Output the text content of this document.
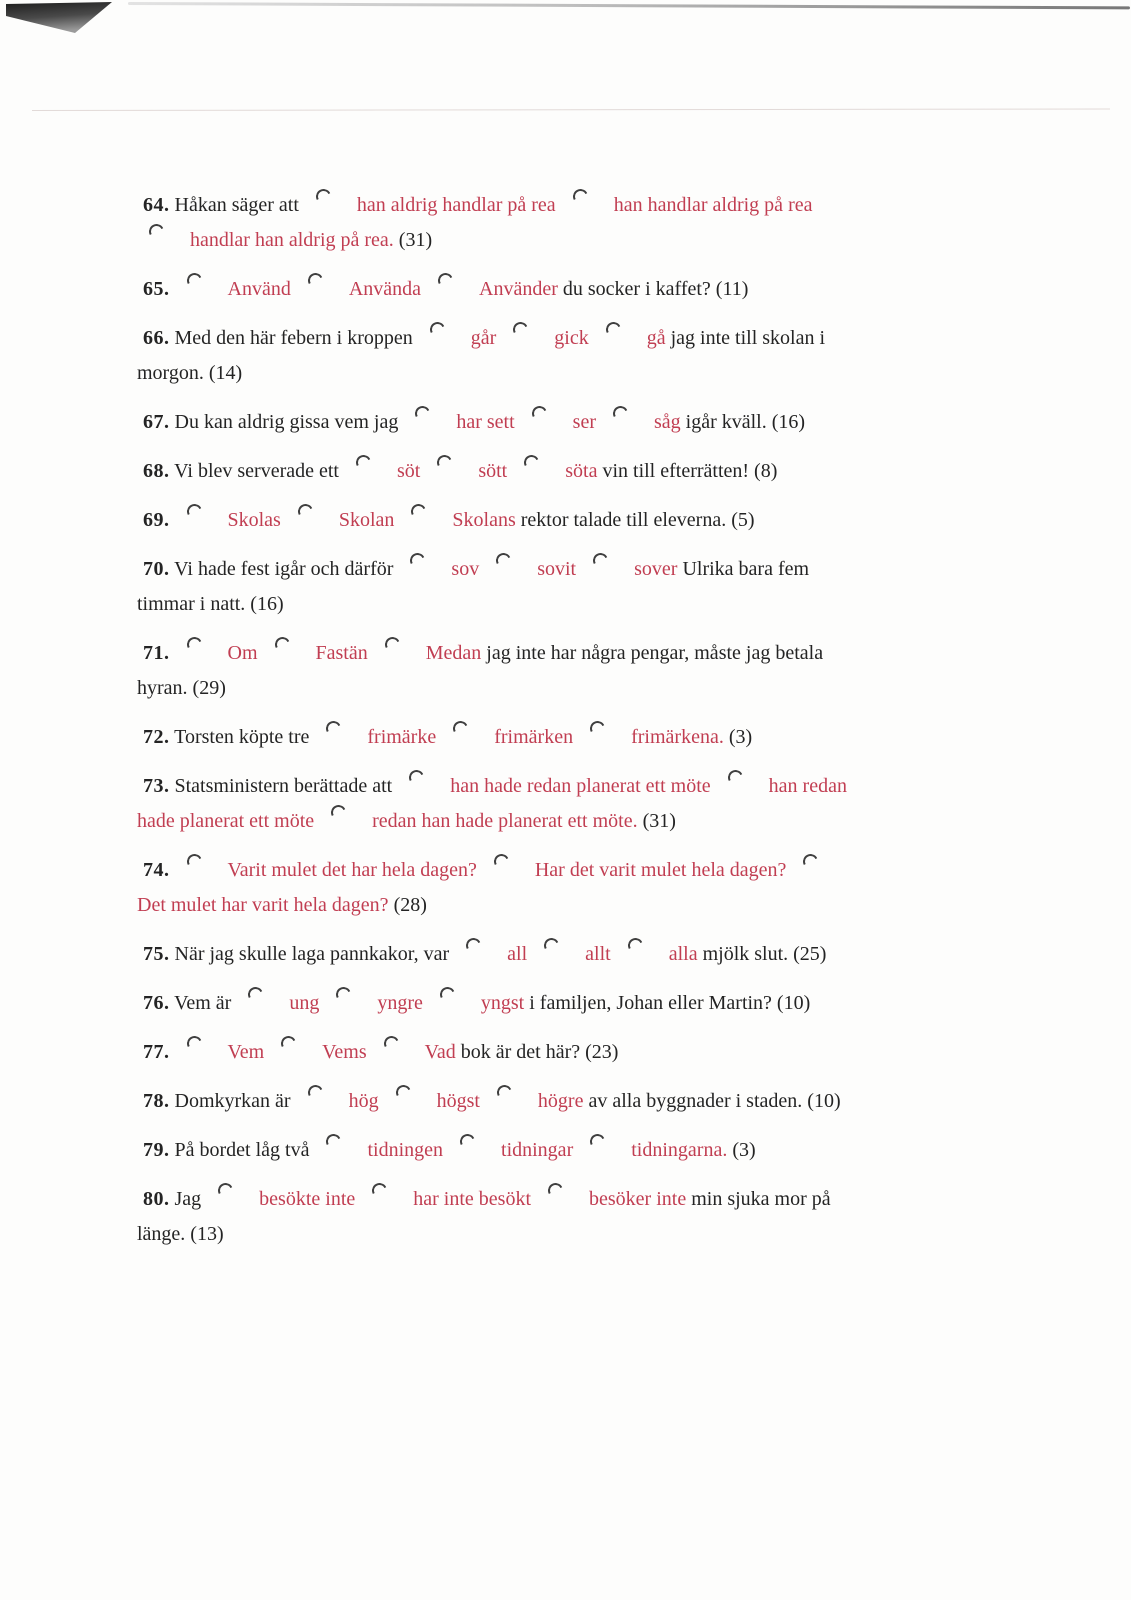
64. Håkan säger att	han aldrig handlar på rea	han handlar aldrig på rea handlar han aldrig på rea. (31)

65.	Använd	Använda	Använder du socker i kaffet? (11)

66. Med den här febern i kroppen	går	gick	gå jag inte till skolan i morgon. (14)

67. Du kan aldrig gissa vem jag	har sett	ser	såg igår kväll. (16)

68. Vi blev serverade ett	söt	sött	söta vin till efterrätten! (8)

69.	Skolas	Skolan	Skolans rektor talade till eleverna. (5)

70. Vi hade fest igår och därför	sov	sovit	sover Ulrika bara fem timmar i natt. (16)

71.	Om	Fastän	Medan jag inte har några pengar, måste jag betala hyran. (29)

72. Torsten köpte tre	frimärke	frimärken	frimärkena. (3)

73. Statsministern berättade att	han hade redan planerat ett möte	han redan hade planerat ett möte	redan han hade planerat ett möte. (31)

74.	Varit mulet det har hela dagen?	Har det varit mulet hela dagen? Det mulet har varit hela dagen? (28)

75. När jag skulle laga pannkakor, var	all	allt	alla mjölk slut. (25)

76. Vem är	ung	yngre	yngst i familjen, Johan eller Martin? (10)

77.	Vem	Vems	Vad bok är det här? (23)

78. Domkyrkan är	hög	högst	högre av alla byggnader i staden. (10)

79. På bordet låg två	tidningen	tidningar	tidningarna. (3)

80. Jag	besökte inte	har inte besökt	besöker inte min sjuka mor på länge. (13)
